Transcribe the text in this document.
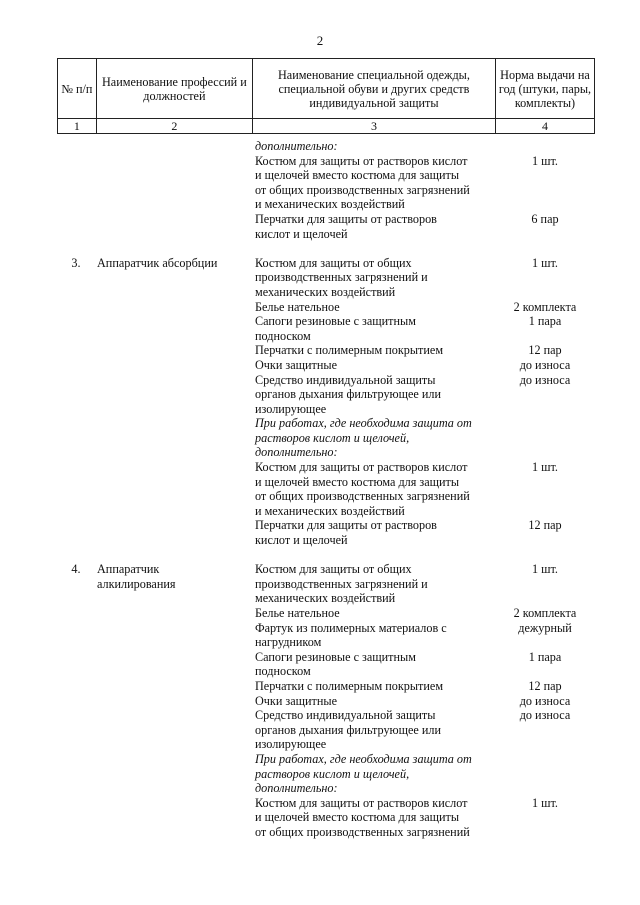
2
№ п/п	Наименование профессий и должностей	Наименование специальной одежды, специальной обуви и других средств индивидуальной защиты	Норма выдачи на год (штуки, пары, комплекты)
1	2	3	4
дополнительно:
Костюм для защиты от растворов кислот	1 шт.
и щелочей вместо костюма для защиты
от общих производственных загрязнений
и механических воздействий
Перчатки для защиты от растворов	6 пар
кислот и щелочей
3.	Аппаратчик абсорбции	Костюм для защиты от общих	1 шт.
производственных загрязнений и
механических воздействий
Белье нательное	2 комплекта
Сапоги резиновые с защитным	1 пара
подноском
Перчатки с полимерным покрытием	12 пар
Очки защитные	до износа
Средство индивидуальной защиты	до износа
органов дыхания фильтрующее или
изолирующее
При работах, где необходима защита от
растворов кислот и щелочей,
дополнительно:
Костюм для защиты от растворов кислот	1 шт.
и щелочей вместо костюма для защиты
от общих производственных загрязнений
и механических воздействий
Перчатки для защиты от растворов	12 пар
кислот и щелочей
4.	Аппаратчик	Костюм для защиты от общих	1 шт.
алкилирования	производственных загрязнений и
механических воздействий
Белье нательное	2 комплекта
Фартук из полимерных материалов с	дежурный
нагрудником
Сапоги резиновые с защитным	1 пара
подноском
Перчатки с полимерным покрытием	12 пар
Очки защитные	до износа
Средство индивидуальной защиты	до износа
органов дыхания фильтрующее или
изолирующее
При работах, где необходима защита от
растворов кислот и щелочей,
дополнительно:
Костюм для защиты от растворов кислот	1 шт.
и щелочей вместо костюма для защиты
от общих производственных загрязнений
